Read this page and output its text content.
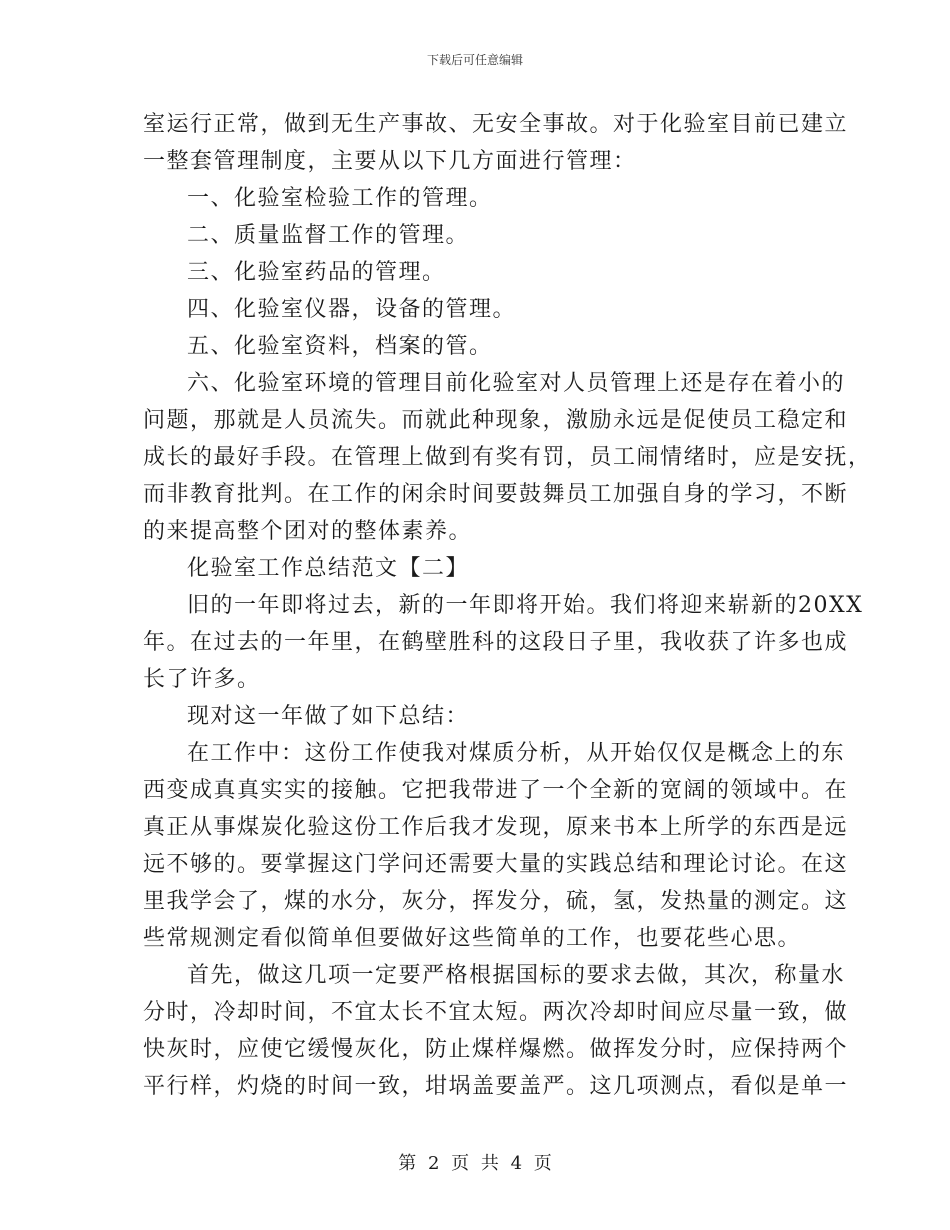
下载后可任意编辑
室运行正常，做到无生产事故、无安全事故。对于化验室目前已建立
一整套管理制度，主要从以下几方面进行管理：
一、化验室检验工作的管理。
二、质量监督工作的管理。
三、化验室药品的管理。
四、化验室仪器，设备的管理。
五、化验室资料，档案的管。
六、化验室环境的管理目前化验室对人员管理上还是存在着小的
问题，那就是人员流失。而就此种现象，激励永远是促使员工稳定和
成长的最好手段。在管理上做到有奖有罚，员工闹情绪时，应是安抚，
而非教育批判。在工作的闲余时间要鼓舞员工加强自身的学习，不断
的来提高整个团对的整体素养。
化验室工作总结范文【二】
旧的一年即将过去，新的一年即将开始。我们将迎来崭新的20XX
年。在过去的一年里，在鹤壁胜科的这段日子里，我收获了许多也成
长了许多。
现对这一年做了如下总结：
在工作中：这份工作使我对煤质分析，从开始仅仅是概念上的东
西变成真真实实的接触。它把我带进了一个全新的宽阔的领域中。在
真正从事煤炭化验这份工作后我才发现，原来书本上所学的东西是远
远不够的。要掌握这门学问还需要大量的实践总结和理论讨论。在这
里我学会了，煤的水分，灰分，挥发分，硫，氢，发热量的测定。这
些常规测定看似简单但要做好这些简单的工作，也要花些心思。
首先，做这几项一定要严格根据国标的要求去做，其次，称量水
分时，冷却时间，不宜太长不宜太短。两次冷却时间应尽量一致，做
快灰时，应使它缓慢灰化，防止煤样爆燃。做挥发分时，应保持两个
平行样，灼烧的时间一致，坩埚盖要盖严。这几项测点，看似是单一
第 2 页 共 4 页
